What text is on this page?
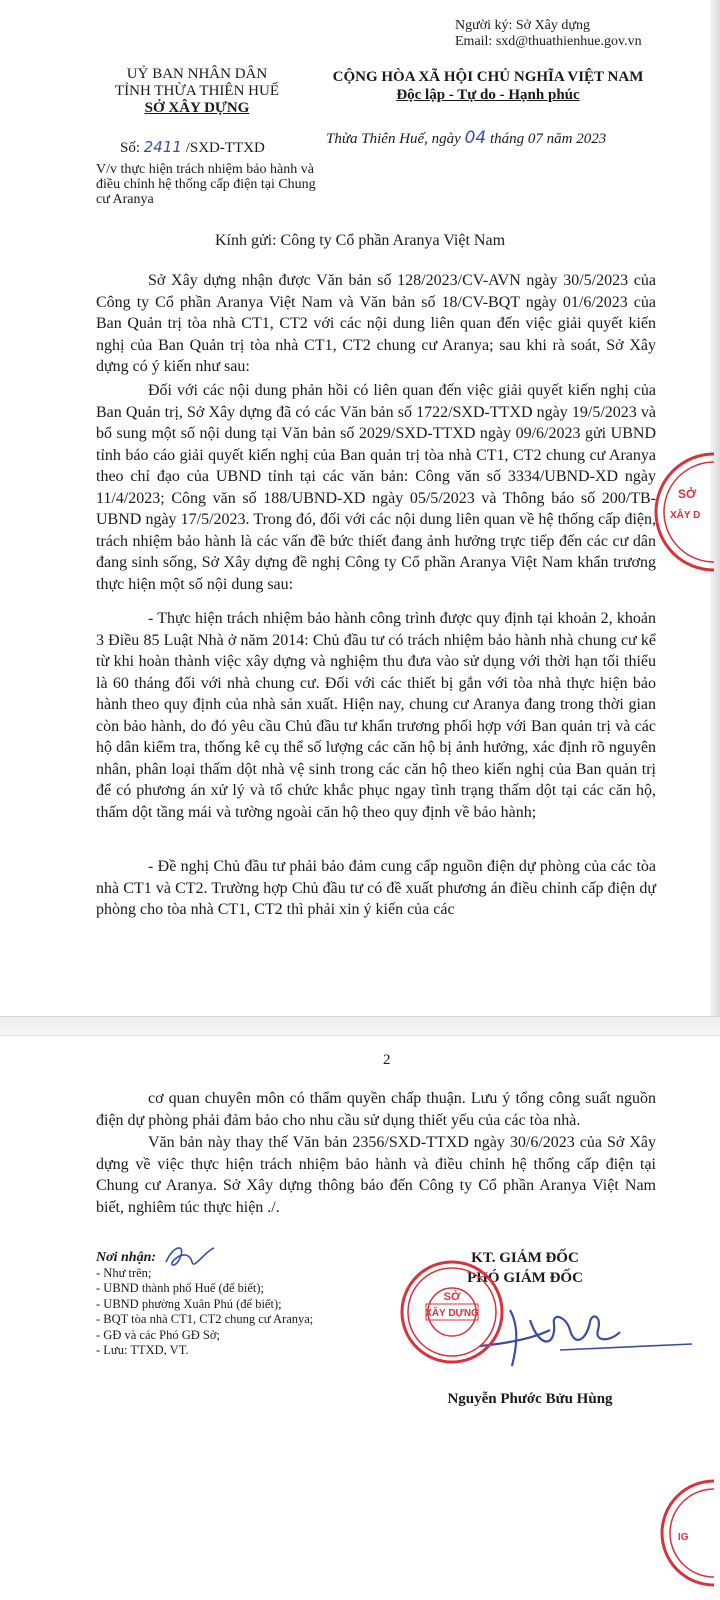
Người ký: Sở Xây dựng
Email: sxd@thuathienhue.gov.vn
UỶ BAN NHÂN DÂN
TỈNH THỪA THIÊN HUẾ
SỞ XÂY DỰNG
CỘNG HÒA XÃ HỘI CHỦ NGHĨA VIỆT NAM
Độc lập - Tự do - Hạnh phúc
Số: 2411 /SXD-TTXD
Thừa Thiên Huế, ngày 04 tháng 07 năm 2023
V/v thực hiện trách nhiệm bảo hành và điều chỉnh hệ thống cấp điện tại Chung cư Aranya
Kính gửi: Công ty Cổ phần Aranya Việt Nam
Sở Xây dựng nhận được Văn bản số 128/2023/CV-AVN ngày 30/5/2023 của Công ty Cổ phần Aranya Việt Nam và Văn bản số 18/CV-BQT ngày 01/6/2023 của Ban Quản trị tòa nhà CT1, CT2 với các nội dung liên quan đến việc giải quyết kiến nghị của Ban Quản trị tòa nhà CT1, CT2 chung cư Aranya; sau khi rà soát, Sở Xây dựng có ý kiến như sau:
Đối với các nội dung phản hồi có liên quan đến việc giải quyết kiến nghị của Ban Quản trị, Sở Xây dựng đã có các Văn bản số 1722/SXD-TTXD ngày 19/5/2023 và bổ sung một số nội dung tại Văn bản số 2029/SXD-TTXD ngày 09/6/2023 gửi UBND tỉnh báo cáo giải quyết kiến nghị của Ban quản trị tòa nhà CT1, CT2 chung cư Aranya theo chỉ đạo của UBND tỉnh tại các văn bản: Công văn số 3334/UBND-XD ngày 11/4/2023; Công văn số 188/UBND-XD ngày 05/5/2023 và Thông báo số 200/TB-UBND ngày 17/5/2023. Trong đó, đối với các nội dung liên quan về hệ thống cấp điện, trách nhiệm bảo hành là các vấn đề bức thiết đang ảnh hưởng trực tiếp đến các cư dân đang sinh sống, Sở Xây dựng đề nghị Công ty Cổ phần Aranya Việt Nam khẩn trương thực hiện một số nội dung sau:
- Thực hiện trách nhiệm bảo hành công trình được quy định tại khoản 2, khoản 3 Điều 85 Luật Nhà ở năm 2014: Chủ đầu tư có trách nhiệm bảo hành nhà chung cư kể từ khi hoàn thành việc xây dựng và nghiệm thu đưa vào sử dụng với thời hạn tối thiểu là 60 tháng đối với nhà chung cư. Đối với các thiết bị gắn với tòa nhà thực hiện bảo hành theo quy định của nhà sản xuất. Hiện nay, chung cư Aranya đang trong thời gian còn bảo hành, do đó yêu cầu Chủ đầu tư khẩn trương phối hợp với Ban quản trị và các hộ dân kiểm tra, thống kê cụ thể số lượng các căn hộ bị ảnh hưởng, xác định rõ nguyên nhân, phân loại thấm dột nhà vệ sinh trong các căn hộ theo kiến nghị của Ban quản trị để có phương án xử lý và tổ chức khắc phục ngay tình trạng thấm dột tại các căn hộ, thấm dột tầng mái và tường ngoài căn hộ theo quy định về bảo hành;
- Đề nghị Chủ đầu tư phải bảo đảm cung cấp nguồn điện dự phòng của các tòa nhà CT1 và CT2. Trường hợp Chủ đầu tư có đề xuất phương án điều chỉnh cấp điện dự phòng cho tòa nhà CT1, CT2 thì phải xin ý kiến của các
2
cơ quan chuyên môn có thẩm quyền chấp thuận. Lưu ý tổng công suất nguồn điện dự phòng phải đảm bảo cho nhu cầu sử dụng thiết yếu của các tòa nhà.
Văn bản này thay thế Văn bản 2356/SXD-TTXD ngày 30/6/2023 của Sở Xây dựng về việc thực hiện trách nhiệm bảo hành và điều chỉnh hệ thống cấp điện tại Chung cư Aranya. Sở Xây dựng thông báo đến Công ty Cổ phần Aranya Việt Nam biết, nghiêm túc thực hiện ./.
Nơi nhận:
- Như trên;
- UBND thành phố Huế (để biết);
- UBND phường Xuân Phú (để biết);
- BQT tòa nhà CT1, CT2 chung cư Aranya;
- GĐ và các Phó GĐ Sở;
- Lưu: TTXD, VT.
KT. GIÁM ĐỐC
PHÓ GIÁM ĐỐC
Nguyễn Phước Bửu Hùng
XÂY DỰNG
SỞ
SỞ
XÂY D
IG
